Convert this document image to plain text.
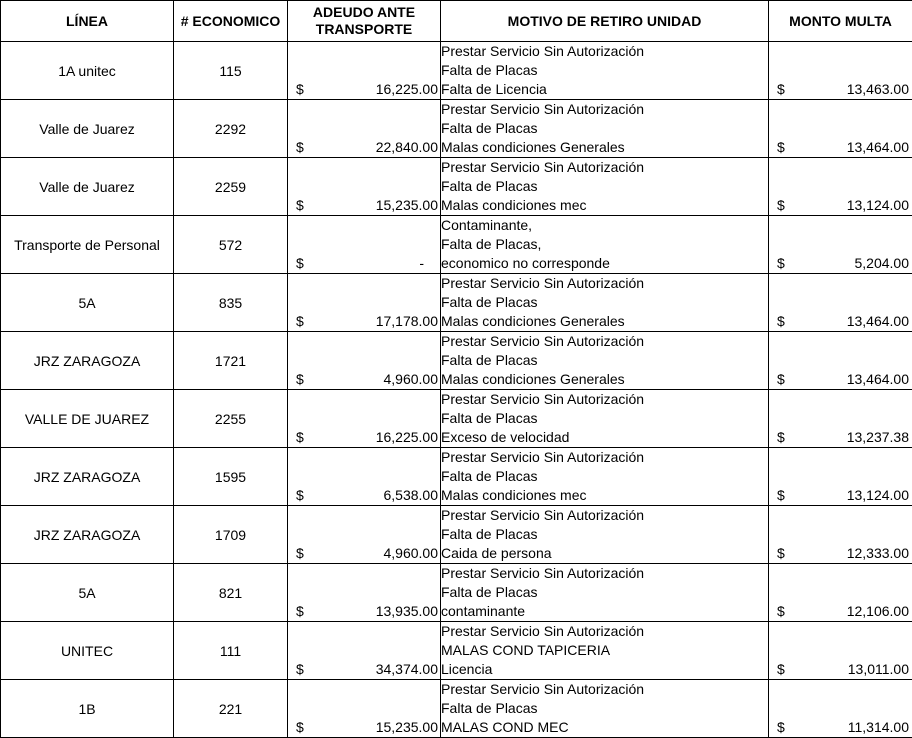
LÍNEA	# ECONOMICO	ADEUDO ANTE
TRANSPORTE	MOTIVO DE RETIRO UNIDAD	MONTO MULTA
1A unitec	115	$ 16,225.00	Prestar Servicio Sin Autorización
Falta de Placas
Falta de Licencia	$ 13,463.00

Valle de Juarez	2292	$ 22,840.00	Prestar Servicio Sin Autorización
Falta de Placas
Malas condiciones Generales	$ 13,464.00

Valle de Juarez	2259	$ 15,235.00	Prestar Servicio Sin Autorización
Falta de Placas
Malas condiciones mec	$ 13,124.00

Transporte de Personal	572	$ -	Contaminante,
Falta de Placas,
economico no corresponde	$ 5,204.00

5A	835	$ 17,178.00	Prestar Servicio Sin Autorización
Falta de Placas
Malas condiciones Generales	$ 13,464.00

JRZ ZARAGOZA	1721	$ 4,960.00	Prestar Servicio Sin Autorización
Falta de Placas
Malas condiciones Generales	$ 13,464.00

VALLE DE JUAREZ	2255	$ 16,225.00	Prestar Servicio Sin Autorización
Falta de Placas
Exceso de velocidad	$ 13,237.38

JRZ ZARAGOZA	1595	$ 6,538.00	Prestar Servicio Sin Autorización
Falta de Placas
Malas condiciones mec	$ 13,124.00

JRZ ZARAGOZA	1709	$ 4,960.00	Prestar Servicio Sin Autorización
Falta de Placas
Caida de persona	$ 12,333.00

5A	821	$ 13,935.00	Prestar Servicio Sin Autorización
Falta de Placas
contaminante	$ 12,106.00

UNITEC	111	$ 34,374.00	Prestar Servicio Sin Autorización
MALAS COND TAPICERIA
Licencia	$ 13,011.00

1B	221	$ 15,235.00	Prestar Servicio Sin Autorización
Falta de Placas
MALAS COND MEC	$ 11,314.00
